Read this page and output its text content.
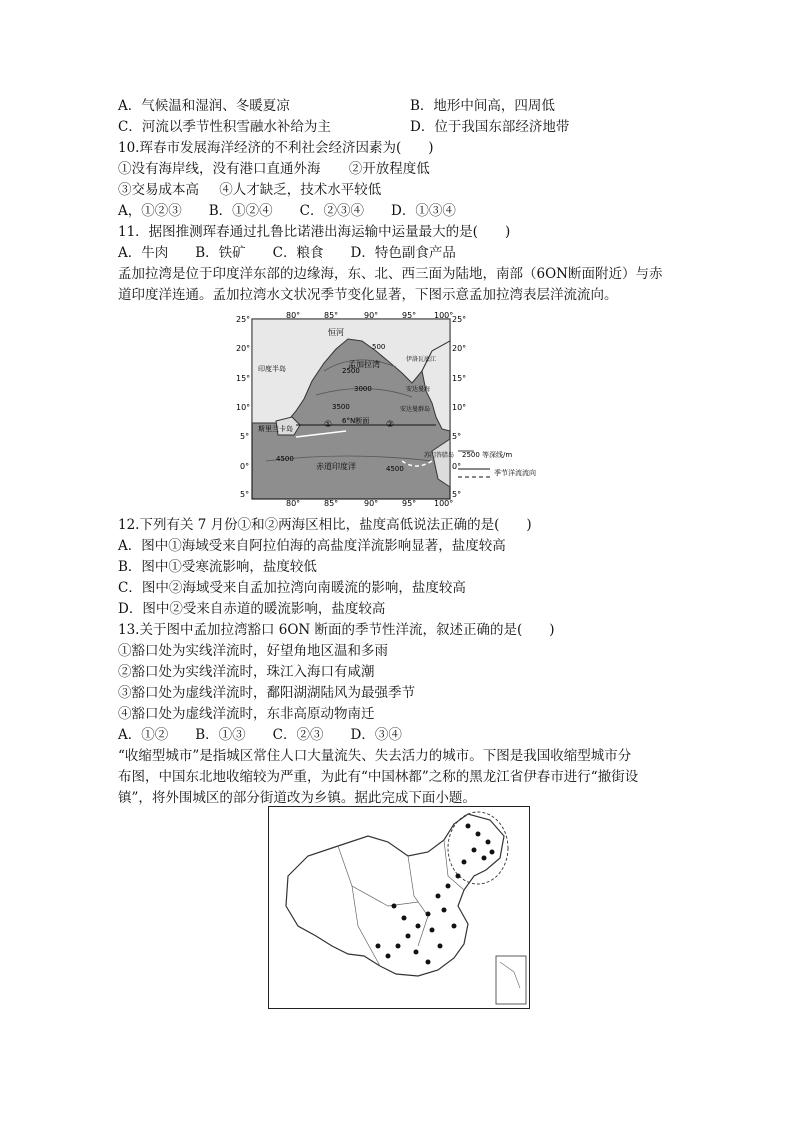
A．气候温和湿润、冬暖夏凉	B．地形中间高，四周低
C．河流以季节性积雪融水补给为主	D．位于我国东部经济地带
10.珲春市发展海洋经济的不利社会经济因素为(　　)
①没有海岸线，没有港口直通外海 ②开放程度低
③交易成本高 ④人才缺乏，技术水平较低
A，①②③　　B．①②④　　C．②③④　　D．①③④
11．据图推测珲春通过扎鲁比诺港出海运输中运量最大的是(　　)
A．牛肉　　B．铁矿　　C．粮食　　D．特色副食产品
孟加拉湾是位于印度洋东部的边缘海，东、北、西三面为陆地，南部（6ON断面附近）与赤
道印度洋连通。孟加拉湾水文状况季节变化显著，下图示意孟加拉湾表层洋流流向。
80°	85°	90°	95° 100°
80°	85°	90°	95° 100°
25°
20°
15°
10°
5°
0°
5°
25°
20°
15°
10°
5°
0°
5°
恒河
孟加拉湾
印度半岛
斯里兰卡岛
赤道印度洋
6°N断面
500
2500
3000
3500
4500
4500
伊洛瓦底江
安达曼海
安达曼群岛
苏门答腊岛
①	②
2500 等深线/m
季节洋流流向
12.下列有关 7 月份①和②两海区相比，盐度高低说法正确的是(　　)
A．图中①海域受来自阿拉伯海的高盐度洋流影响显著，盐度较高
B．图中①受寒流影响，盐度较低
C．图中②海域受来自孟加拉湾向南暖流的影响，盐度较高
D．图中②受来自赤道的暖流影响，盐度较高
13.关于图中孟加拉湾豁口 6ON 断面的季节性洋流，叙述正确的是(　　)
①豁口处为实线洋流时，好望角地区温和多雨
②豁口处为实线洋流时，珠江入海口有咸潮
③豁口处为虚线洋流时，鄱阳湖湖陆风为最强季节
④豁口处为虚线洋流时，东非高原动物南迁
A．①②　　B．①③　　C．②③　　D．③④
“收缩型城市”是指城区常住人口大量流失、失去活力的城市。下图是我国收缩型城市分
布图，中国东北地收缩较为严重，为此有“中国林都”之称的黑龙江省伊春市进行“撤街设
镇”，将外围城区的部分街道改为乡镇。据此完成下面小题。
